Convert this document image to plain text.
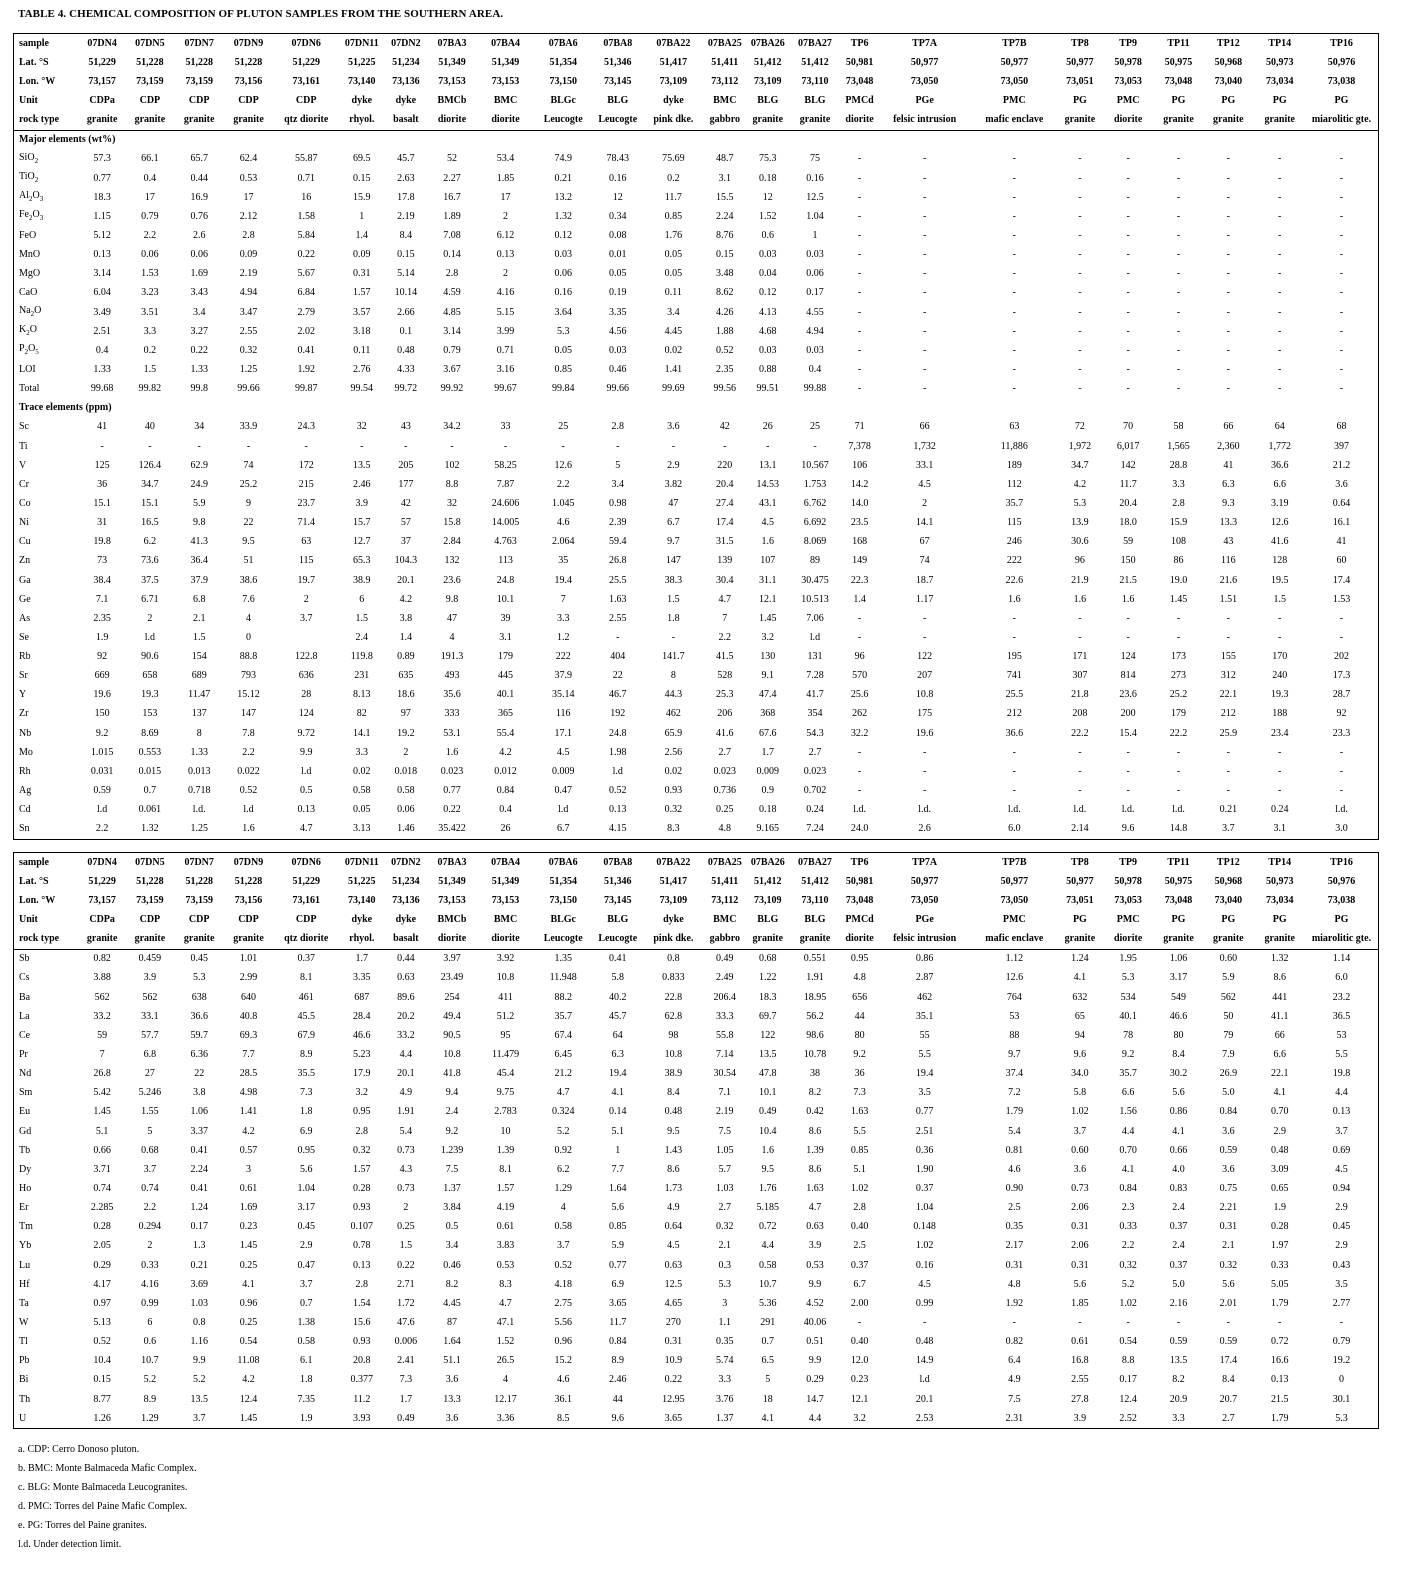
TABLE 4. CHEMICAL COMPOSITION OF PLUTON SAMPLES FROM THE SOUTHERN AREA.
sample	07DN4	07DN5	07DN7	07DN9	07DN6	07DN11	07DN2	07BA3	07BA4	07BA6	07BA8	07BA22	07BA25	07BA26	07BA27	TP6	TP7A	TP7B	TP8	TP9	TP11	TP12	TP14	TP16
Lat. °S	51,229	51,228	51,228	51,228	51,229	51,225	51,234	51,349	51,349	51,354	51,346	51,417	51,411	51,412	51,412	50,981	50,977	50,977	50,977	50,978	50,975	50,968	50,973	50,976
Lon. °W	73,157	73,159	73,159	73,156	73,161	73,140	73,136	73,153	73,153	73,150	73,145	73,109	73,112	73,109	73,110	73,048	73,050	73,050	73,051	73,053	73,048	73,040	73,034	73,038
Unit	CDPa	CDP	CDP	CDP	CDP	dyke	dyke	BMCb	BMC	BLGc	BLG	dyke	BMC	BLG	BLG	PMCd	PGe	PMC	PG	PMC	PG	PG	PG	PG
rock type	granite	granite	granite	granite	qtz diorite	rhyol.	basalt	diorite	diorite	Leucogte	Leucogte	pink dke.	gabbro	granite	granite	diorite	felsic intrusion	mafic enclave	granite	diorite	granite	granite	granite	miarolitic gte.
Major elements (wt%)																								
SiO$_2$	57.3	66.1	65.7	62.4	55.87	69.5	45.7	52	53.4	74.9	78.43	75.69	48.7	75.3	75	-	-	-	-	-	-	-	-	-
TiO$_2$	0.77	0.4	0.44	0.53	0.71	0.15	2.63	2.27	1.85	0.21	0.16	0.2	3.1	0.18	0.16	-	-	-	-	-	-	-	-	-
$Al_2O_3$	18.3	17	16.9	17	16	15.9	17.8	16.7	17	13.2	12	11.7	15.5	12	12.5	-	-	-	-	-	-	-	-	-
$Fe_2O_3$	1.15	0.79	0.76	2.12	1.58	1	2.19	1.89	2	1.32	0.34	0.85	2.24	1.52	1.04	-	-	-	-	-	-	-	-	-
FeO	5.12	2.2	2.6	2.8	5.84	1.4	8.4	7.08	6.12	0.12	0.08	1.76	8.76	0.6	1	-	-	-	-	-	-	-	-	-
MnO	0.13	0.06	0.06	0.09	0.22	0.09	0.15	0.14	0.13	0.03	0.01	0.05	0.15	0.03	0.03	-	-	-	-	-	-	-	-	-
MgO	3.14	1.53	1.69	2.19	5.67	0.31	5.14	2.8	2	0.06	0.05	0.05	3.48	0.04	0.06	-	-	-	-	-	-	-	-	-
CaO	6.04	3.23	3.43	4.94	6.84	1.57	10.14	4.59	4.16	0.16	0.19	0.11	8.62	0.12	0.17	-	-	-	-	-	-	-	-	-
$Na_2O$	3.49	3.51	3.4	3.47	2.79	3.57	2.66	4.85	5.15	3.64	3.35	3.4	4.26	4.13	4.55	-	-	-	-	-	-	-	-	-
$K_2O$	2.51	3.3	3.27	2.55	2.02	3.18	0.1	3.14	3.99	5.3	4.56	4.45	1.88	4.68	4.94	-	-	-	-	-	-	-	-	-
$P_2O_5$	0.4	0.2	0.22	0.32	0.41	0.11	0.48	0.79	0.71	0.05	0.03	0.02	0.52	0.03	0.03	-	-	-	-	-	-	-	-	-
LOI	1.33	1.5	1.33	1.25	1.92	2.76	4.33	3.67	3.16	0.85	0.46	1.41	2.35	0.88	0.4	-	-	-	-	-	-	-	-	-
Total	99.68	99.82	99.8	99.66	99.87	99.54	99.72	99.92	99.67	99.84	99.66	99.69	99.56	99.51	99.88	-	-	-	-	-	-	-	-	-
Trace elements (ppm)																								
Sc	41	40	34	33.9	24.3	32	43	34.2	33	25	2.8	3.6	42	26	25	71	66	63	72	70	58	66	64	68
Ti	-	-	-	-	-	-	-	-	-	-	-	-	-	-	-	7,378	1,732	11,886	1,972	6,017	1,565	2,360	1,772	397
V	125	126.4	62.9	74	172	13.5	205	102	58.25	12.6	5	2.9	220	13.1	10.567	106	33.1	189	34.7	142	28.8	41	36.6	21.2
Cr	36	34.7	24.9	25.2	215	2.46	177	8.8	7.87	2.2	3.4	3.82	20.4	14.53	1.753	14.2	4.5	112	4.2	11.7	3.3	6.3	6.6	3.6
Co	15.1	15.1	5.9	9	23.7	3.9	42	32	24.606	1.045	0.98	47	27.4	43.1	6.762	14.0	2	35.7	5.3	20.4	2.8	9.3	3.19	0.64
Ni	31	16.5	9.8	22	71.4	15.7	57	15.8	14.005	4.6	2.39	6.7	17.4	4.5	6.692	23.5	14.1	115	13.9	18.0	15.9	13.3	12.6	16.1
Cu	19.8	6.2	41.3	9.5	63	12.7	37	2.84	4.763	2.064	59.4	9.7	31.5	1.6	8.069	168	67	246	30.6	59	108	43	41.6	41
Zn	73	73.6	36.4	51	115	65.3	104.3	132	113	35	26.8	147	139	107	89	149	74	222	96	150	86	116	128	60
Ga	38.4	37.5	37.9	38.6	19.7	38.9	20.1	23.6	24.8	19.4	25.5	38.3	30.4	31.1	30.475	22.3	18.7	22.6	21.9	21.5	19.0	21.6	19.5	17.4
Ge	7.1	6.71	6.8	7.6	2	6	4.2	9.8	10.1	7	1.63	1.5	4.7	12.1	10.513	1.4	1.17	1.6	1.6	1.6	1.45	1.51	1.5	1.53
As	2.35	2	2.1	4	3.7	1.5	3.8	47	39	3.3	2.55	1.8	7	1.45	7.06	-	-	-	-	-	-	-	-	-
Se	1.9	l.d	1.5	0		2.4	1.4	4	3.1	1.2	-	-	2.2	3.2	l.d	-	-	-	-	-	-	-	-	-
Rb	92	90.6	154	88.8	122.8	119.8	0.89	191.3	179	222	404	141.7	41.5	130	131	96	122	195	171	124	173	155	170	202
Sr	669	658	689	793	636	231	635	493	445	37.9	22	8	528	9.1	7.28	570	207	741	307	814	273	312	240	17.3
Y	19.6	19.3	11.47	15.12	28	8.13	18.6	35.6	40.1	35.14	46.7	44.3	25.3	47.4	41.7	25.6	10.8	25.5	21.8	23.6	25.2	22.1	19.3	28.7
Zr	150	153	137	147	124	82	97	333	365	116	192	462	206	368	354	262	175	212	208	200	179	212	188	92
Nb	9.2	8.69	8	7.8	9.72	14.1	19.2	53.1	55.4	17.1	24.8	65.9	41.6	67.6	54.3	32.2	19.6	36.6	22.2	15.4	22.2	25.9	23.4	23.3
Mo	1.015	0.553	1.33	2.2	9.9	3.3	2	1.6	4.2	4.5	1.98	2.56	2.7	1.7	2.7	-	-	-	-	-	-	-	-	-
Rh	0.031	0.015	0.013	0.022	l.d	0.02	0.018	0.023	0.012	0.009	l.d	0.02	0.023	0.009	0.023	-	-	-	-	-	-	-	-	-
Ag	0.59	0.7	0.718	0.52	0.5	0.58	0.58	0.77	0.84	0.47	0.52	0.93	0.736	0.9	0.702	-	-	-	-	-	-	-	-	-
Cd	l.d	0.061	l.d.	l.d	0.13	0.05	0.06	0.22	0.4	l.d	0.13	0.32	0.25	0.18	0.24	l.d.	l.d.	l.d.	l.d.	l.d.	l.d.	0.21	0.24	l.d.
Sn	2.2	1.32	1.25	1.6	4.7	3.13	1.46	35.422	26	6.7	4.15	8.3	4.8	9.165	7.24	24.0	2.6	6.0	2.14	9.6	14.8	3.7	3.1	3.0
sample	07DN4	07DN5	07DN7	07DN9	07DN6	07DN11	07DN2	07BA3	07BA4	07BA6	07BA8	07BA22	07BA25	07BA26	07BA27	TP6	TP7A	TP7B	TP8	TP9	TP11	TP12	TP14	TP16
Lat. °S	51,229	51,228	51,228	51,228	51,229	51,225	51,234	51,349	51,349	51,354	51,346	51,417	51,411	51,412	51,412	50,981	50,977	50,977	50,977	50,978	50,975	50,968	50,973	50,976
Lon. °W	73,157	73,159	73,159	73,156	73,161	73,140	73,136	73,153	73,153	73,150	73,145	73,109	73,112	73,109	73,110	73,048	73,050	73,050	73,051	73,053	73,048	73,040	73,034	73,038
Unit	CDPa	CDP	CDP	CDP	CDP	dyke	dyke	BMCb	BMC	BLGc	BLG	dyke	BMC	BLG	BLG	PMCd	PGe	PMC	PG	PMC	PG	PG	PG	PG
rock type	granite	granite	granite	granite	qtz diorite	rhyol.	basalt	diorite	diorite	Leucogte	Leucogte	pink dke.	gabbro	granite	granite	diorite	felsic intrusion	mafic enclave	granite	diorite	granite	granite	granite	miarolitic gte.
Sb	0.82	0.459	0.45	1.01	0.37	1.7	0.44	3.97	3.92	1.35	0.41	0.8	0.49	0.68	0.551	0.95	0.86	1.12	1.24	1.95	1.06	0.60	1.32	1.14
Cs	3.88	3.9	5.3	2.99	8.1	3.35	0.63	23.49	10.8	11.948	5.8	0.833	2.49	1.22	1.91	4.8	2.87	12.6	4.1	5.3	3.17	5.9	8.6	6.0
Ba	562	562	638	640	461	687	89.6	254	411	88.2	40.2	22.8	206.4	18.3	18.95	656	462	764	632	534	549	562	441	23.2
La	33.2	33.1	36.6	40.8	45.5	28.4	20.2	49.4	51.2	35.7	45.7	62.8	33.3	69.7	56.2	44	35.1	53	65	40.1	46.6	50	41.1	36.5
Ce	59	57.7	59.7	69.3	67.9	46.6	33.2	90.5	95	67.4	64	98	55.8	122	98.6	80	55	88	94	78	80	79	66	53
Pr	7	6.8	6.36	7.7	8.9	5.23	4.4	10.8	11.479	6.45	6.3	10.8	7.14	13.5	10.78	9.2	5.5	9.7	9.6	9.2	8.4	7.9	6.6	5.5
Nd	26.8	27	22	28.5	35.5	17.9	20.1	41.8	45.4	21.2	19.4	38.9	30.54	47.8	38	36	19.4	37.4	34.0	35.7	30.2	26.9	22.1	19.8
Sm	5.42	5.246	3.8	4.98	7.3	3.2	4.9	9.4	9.75	4.7	4.1	8.4	7.1	10.1	8.2	7.3	3.5	7.2	5.8	6.6	5.6	5.0	4.1	4.4
Eu	1.45	1.55	1.06	1.41	1.8	0.95	1.91	2.4	2.783	0.324	0.14	0.48	2.19	0.49	0.42	1.63	0.77	1.79	1.02	1.56	0.86	0.84	0.70	0.13
Gd	5.1	5	3.37	4.2	6.9	2.8	5.4	9.2	10	5.2	5.1	9.5	7.5	10.4	8.6	5.5	2.51	5.4	3.7	4.4	4.1	3.6	2.9	3.7
Tb	0.66	0.68	0.41	0.57	0.95	0.32	0.73	1.239	1.39	0.92	1	1.43	1.05	1.6	1.39	0.85	0.36	0.81	0.60	0.70	0.66	0.59	0.48	0.69
Dy	3.71	3.7	2.24	3	5.6	1.57	4.3	7.5	8.1	6.2	7.7	8.6	5.7	9.5	8.6	5.1	1.90	4.6	3.6	4.1	4.0	3.6	3.09	4.5
Ho	0.74	0.74	0.41	0.61	1.04	0.28	0.73	1.37	1.57	1.29	1.64	1.73	1.03	1.76	1.63	1.02	0.37	0.90	0.73	0.84	0.83	0.75	0.65	0.94
Er	2.285	2.2	1.24	1.69	3.17	0.93	2	3.84	4.19	4	5.6	4.9	2.7	5.185	4.7	2.8	1.04	2.5	2.06	2.3	2.4	2.21	1.9	2.9
Tm	0.28	0.294	0.17	0.23	0.45	0.107	0.25	0.5	0.61	0.58	0.85	0.64	0.32	0.72	0.63	0.40	0.148	0.35	0.31	0.33	0.37	0.31	0.28	0.45
Yb	2.05	2	1.3	1.45	2.9	0.78	1.5	3.4	3.83	3.7	5.9	4.5	2.1	4.4	3.9	2.5	1.02	2.17	2.06	2.2	2.4	2.1	1.97	2.9
Lu	0.29	0.33	0.21	0.25	0.47	0.13	0.22	0.46	0.53	0.52	0.77	0.63	0.3	0.58	0.53	0.37	0.16	0.31	0.31	0.32	0.37	0.32	0.33	0.43
Hf	4.17	4.16	3.69	4.1	3.7	2.8	2.71	8.2	8.3	4.18	6.9	12.5	5.3	10.7	9.9	6.7	4.5	4.8	5.6	5.2	5.0	5.6	5.05	3.5
Ta	0.97	0.99	1.03	0.96	0.7	1.54	1.72	4.45	4.7	2.75	3.65	4.65	3	5.36	4.52	2.00	0.99	1.92	1.85	1.02	2.16	2.01	1.79	2.77
W	5.13	6	0.8	0.25	1.38	15.6	47.6	87	47.1	5.56	11.7	270	1.1	291	40.06	-	-	-	-	-	-	-	-	-
Tl	0.52	0.6	1.16	0.54	0.58	0.93	0.006	1.64	1.52	0.96	0.84	0.31	0.35	0.7	0.51	0.40	0.48	0.82	0.61	0.54	0.59	0.59	0.72	0.79
Pb	10.4	10.7	9.9	11.08	6.1	20.8	2.41	51.1	26.5	15.2	8.9	10.9	5.74	6.5	9.9	12.0	14.9	6.4	16.8	8.8	13.5	17.4	16.6	19.2
Bi	0.15	5.2	5.2	4.2	1.8	0.377	7.3	3.6	4	4.6	2.46	0.22	3.3	5	0.29	0.23	l.d	4.9	2.55	0.17	8.2	8.4	0.13	0
Th	8.77	8.9	13.5	12.4	7.35	11.2	1.7	13.3	12.17	36.1	44	12.95	3.76	18	14.7	12.1	20.1	7.5	27.8	12.4	20.9	20.7	21.5	30.1
U	1.26	1.29	3.7	1.45	1.9	3.93	0.49	3.6	3.36	8.5	9.6	3.65	1.37	4.1	4.4	3.2	2.53	2.31	3.9	2.52	3.3	2.7	1.79	5.3
a. CDP: Cerro Donoso pluton.
b. BMC: Monte Balmaceda Mafic Complex.
c. BLG: Monte Balmaceda Leucogranites.
d. PMC: Torres del Paine Mafic Complex.
e. PG: Torres del Paine granites.
l.d. Under detection limit.
